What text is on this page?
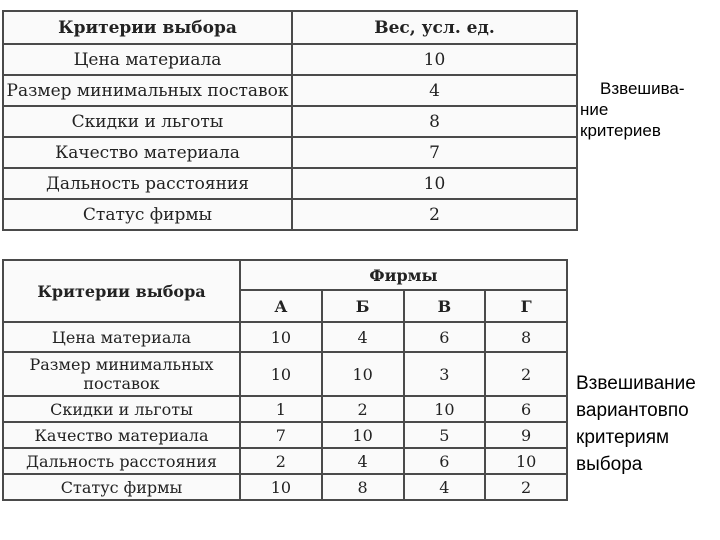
Критерии выбора	Вес, усл. ед.
Цена материала	10
Размер минимальных поставок	4
Скидки и льготы	8
Качество материала	7
Дальность расстояния	10
Статус фирмы	2
Взвешива-
ние
критериев
Критерии выбора	Фирмы			
	А	Б	В	Г
Цена материала	10	4	6	8
Размер минимальных поставок	10	10	3	2
Скидки и льготы	1	2	10	6
Качество материала	7	10	5	9
Дальность расстояния	2	4	6	10
Статус фирмы	10	8	4	2
Взвешивание
вариантовпо
критериям
выбора
